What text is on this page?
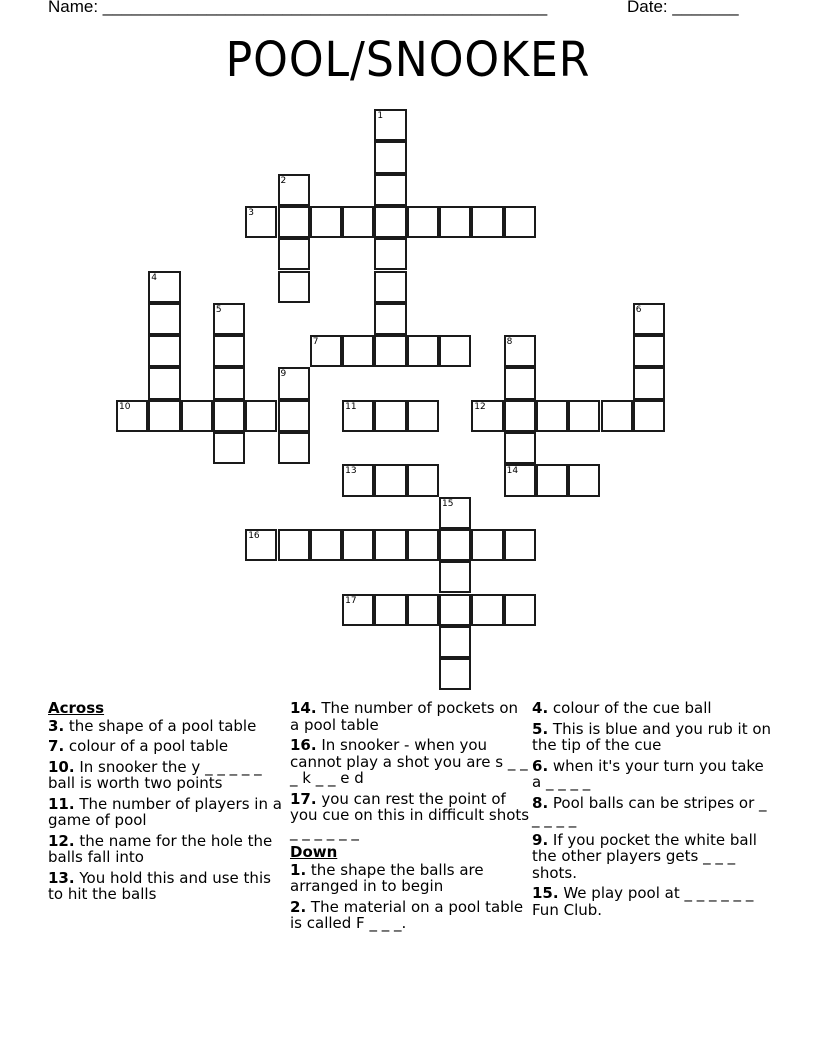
Name: _______________________________________________	Date: _______
POOL/SNOOKER
1
2
3
4
5	6
7	8
14
9
10	11	12
13
15
16
17
Across
3. the shape of a pool table
7. colour of a pool table
10. In snooker the y _ _ _ _ _ ball is worth two points
11. The number of players in a game of pool
12. the name for the hole the balls fall into
13. You hold this and use this to hit the balls
14. The number of pockets on a pool table
16. In snooker - when you cannot play a shot you are s _ _ _ k _ _ e d
17. you can rest the point of you cue on this in difficult shots _ _ _ _ _ _
Down
1. the shape the balls are arranged in to begin
2. The material on a pool table is called F _ _ _.
4. colour of the cue ball
5. This is blue and you rub it on the tip of the cue
6. when it's your turn you take a _ _ _ _
8. Pool balls can be stripes or _ _ _ _ _
9. If you pocket the white ball the other players gets _ _ _ shots.
15. We play pool at _ _ _ _ _ _ Fun Club.
